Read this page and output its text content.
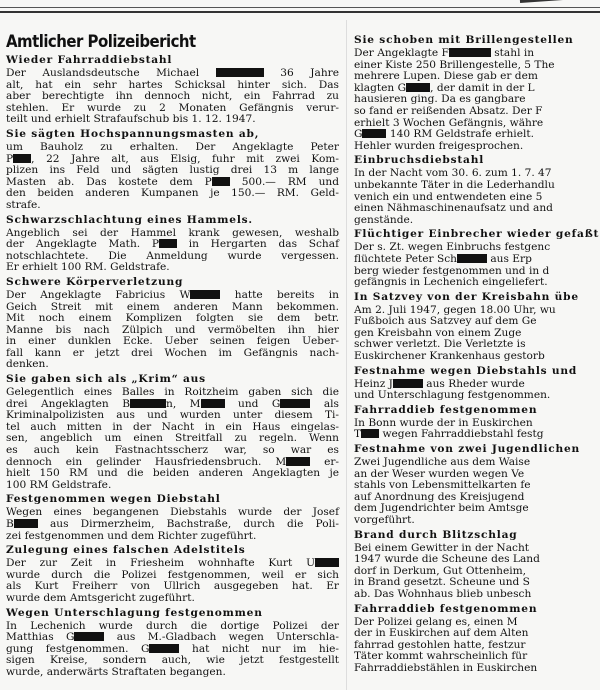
Amtlicher Polizeibericht
Wieder Fahrraddiebstahl
Der Auslandsdeutsche Michael	36 Jahre
alt, hat ein sehr hartes Schicksal hinter sich. Das
aber berechtigte ihn dennoch nicht, ein Fahrrad zu
stehlen. Er wurde zu 2 Monaten Gefängnis verur-
teilt und erhielt Strafaufschub bis 1. 12. 1947.
Sie sägten Hochspannungsmasten ab,
um Bauholz zu erhalten. Der Angeklagte Peter
P , 22 Jahre alt, aus Elsig, fuhr mit zwei Kom-
plizen ins Feld und sägten lustig drei 13 m lange
Masten ab. Das kostete dem P 500.— RM und
den beiden anderen Kumpanen je 150.— RM. Geld-
strafe.
Schwarzschlachtung eines Hammels.
Angeblich sei der Hammel krank gewesen, weshalb
der Angeklagte Math. P in Hergarten das Schaf
notschlachtete. Die Anmeldung wurde vergessen.
Er erhielt 100 RM. Geldstrafe.
Schwere Körperverletzung
Der Angeklagte Fabricius W	hatte bereits in
Geich Streit mit einem anderen Mann bekommen.
Mit noch einem Komplizen folgten sie dem betr.
Manne bis nach Zülpich und vermöbelten ihn hier
in einer dunklen Ecke. Ueber seinen feigen Ueber-
fall kann er jetzt drei Wochen im Gefängnis nach-
denken.
Sie gaben sich als „Krim“ aus
Gelegentlich eines Balles in Roitzheim gaben sich die
drei Angeklagten B	n, M und G	als
Kriminalpolizisten aus und wurden unter diesem Ti-
tel auch mitten in der Nacht in ein Haus eingelas-
sen, angeblich um einen Streitfall zu regeln. Wenn
es auch kein Fastnachtsscherz war, so war es
dennoch ein gelinder Hausfriedensbruch. M er-
hielt 150 RM und die beiden anderen Angeklagten je
100 RM Geldstrafe.
Festgenommen wegen Diebstahl
Wegen eines begangenen Diebstahls wurde der Josef
B aus Dirmerzheim, Bachstraße, durch die Poli-
zei festgenommen und dem Richter zugeführt.
Zulegung eines falschen Adelstitels
Der zur Zeit in Friesheim wohnhafte Kurt U
wurde durch die Polizei festgenommen, weil er sich
als Kurt Freiherr von Ullrich ausgegeben hat. Er
wurde dem Amtsgericht zugeführt.
Wegen Unterschlagung festgenommen
In Lechenich wurde durch die dortige Polizei der
Matthias G	aus M.-Gladbach wegen Unterschla-
gung festgenommen. G	hat nicht nur im hie-
sigen Kreise, sondern auch, wie jetzt festgestellt
wurde, anderwärts Straftaten begangen.
Sie schoben mit Brillengestellen
Der Angeklagte F	stahl in
einer Kiste 250 Brillengestelle, 5 The
mehrere Lupen. Diese gab er dem
klagten G , der damit in der L
hausieren ging. Da es gangbare
so fand er reißenden Absatz. Der F
erhielt 3 Wochen Gefängnis, währe
G 140 RM Geldstrafe erhielt.
Hehler wurden freigesprochen.
Einbruchsdiebstahl
In der Nacht vom 30. 6. zum 1. 7. 47
unbekannte Täter in die Lederhandlu
venich ein und entwendeten eine 5
einen Nähmaschinenaufsatz und and
genstände.
Flüchtiger Einbrecher wieder gefaßt
Der s. Zt. wegen Einbruchs festgenc
flüchtete Peter Sch	aus Erp
berg wieder festgenommen und in d
gefängnis in Lechenich eingeliefert.
In Satzvey von der Kreisbahn übe
Am 2. Juli 1947, gegen 18.00 Uhr, wu
Fußboich aus Satzvey auf dem Ge
gen Kreisbahn von einem Zuge
schwer verletzt. Die Verletzte is
Euskirchener Krankenhaus gestorb
Festnahme wegen Diebstahls und
Heinz J	aus Rheder wurde
und Unterschlagung festgenommen.
Fahrraddieb festgenommen
In Bonn wurde der in Euskirchen
T wegen Fahrraddiebstahl festg
Festnahme von zwei Jugendlichen
Zwei Jugendliche aus dem Waise
an der Weser wurden wegen Ve
stahls von Lebensmittelkarten fe
auf Anordnung des Kreisjugend
dem Jugendrichter beim Amtsge
vorgeführt.
Brand durch Blitzschlag
Bei einem Gewitter in der Nacht
1947 wurde die Scheune des Land
dorf in Derkum, Gut Ottenheim,
in Brand gesetzt. Scheune und S
ab. Das Wohnhaus blieb unbesch
Fahrraddieb festgenommen
Der Polizei gelang es, einen M
der in Euskirchen auf dem Alten
fahrrad gestohlen hatte, festzur
Täter kommt wahrscheinlich für
Fahrraddiebstählen in Euskirchen
